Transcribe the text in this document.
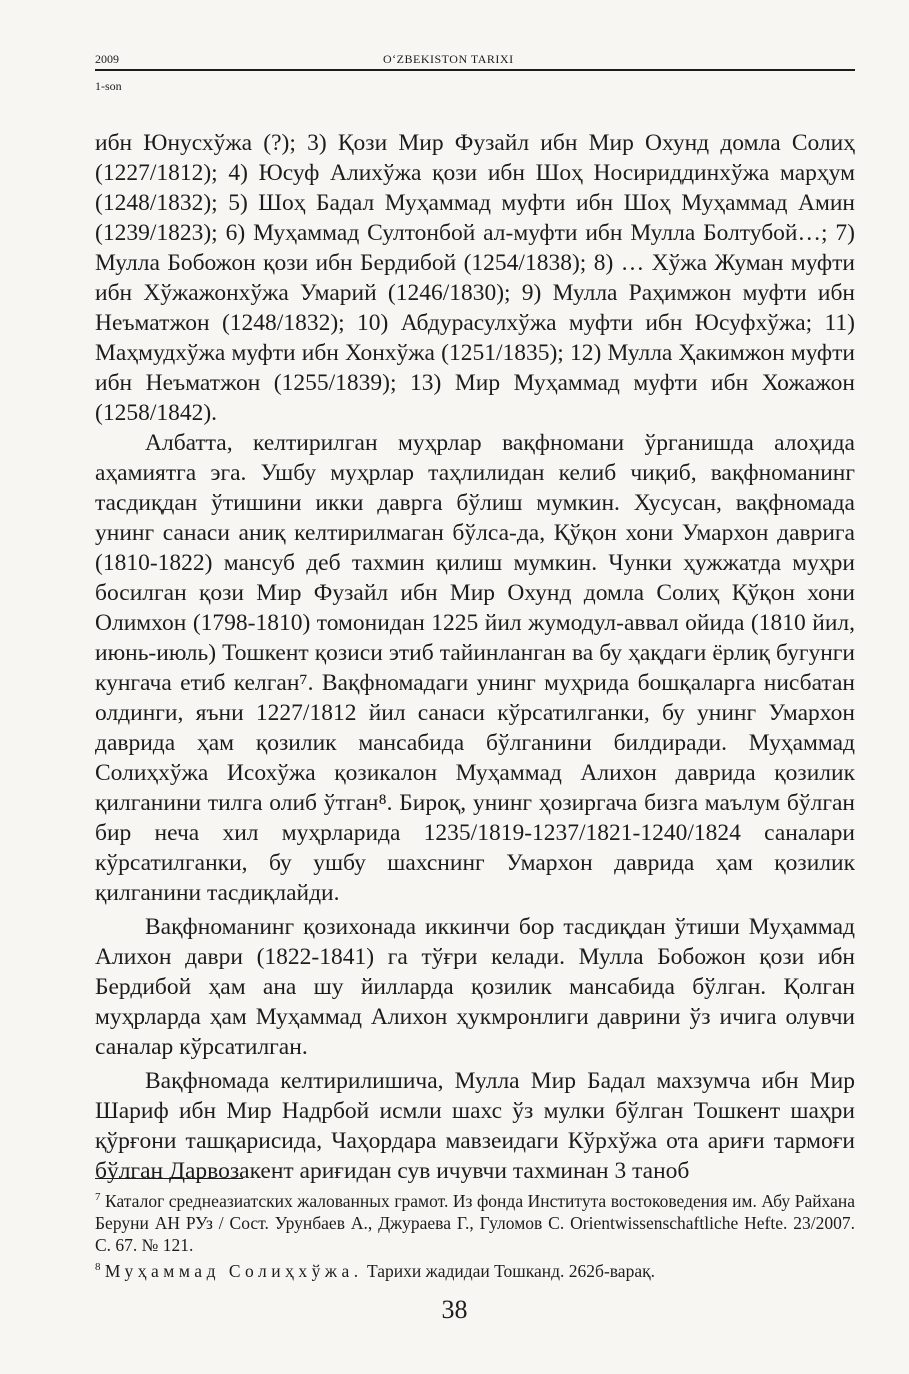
2009	O‘ZBEKISTON TARIXI
1-son

ибн Юнусхўжа (?); 3) Қози Мир Фузайл ибн Мир Охунд домла Солиҳ (1227/1812); 4) Юсуф Алихўжа қози ибн Шоҳ Носириддинхўжа марҳум (1248/1832); 5) Шоҳ Бадал Муҳаммад муфти ибн Шоҳ Муҳаммад Амин (1239/1823); 6) Муҳаммад Султонбой ал-муфти ибн Мулла Болтубой…; 7) Мулла Бобожон қози ибн Бердибой (1254/1838); 8) … Хўжа Жуман муфти ибн Хўжажонхўжа Умарий (1246/1830); 9) Мулла Раҳимжон муфти ибн Неъматжон (1248/1832); 10) Абдурасулхўжа муфти ибн Юсуфхўжа; 11) Маҳмудхўжа муфти ибн Хонхўжа (1251/1835); 12) Мулла Ҳакимжон муфти ибн Неъматжон (1255/1839); 13) Мир Муҳаммад муфти ибн Хожажон (1258/1842).

Албатта, келтирилган муҳрлар вақфномани ўрганишда алоҳида аҳамиятга эга. Ушбу муҳрлар таҳлилидан келиб чиқиб, вақфноманинг тасдиқдан ўтишини икки даврга бўлиш мумкин. Хусусан, вақфномада унинг санаси аниқ келтирилмаган бўлса-да, Қўқон хони Умархон даврига (1810-1822) мансуб деб тахмин қилиш мумкин. Чунки ҳужжатда муҳри босилган қози Мир Фузайл ибн Мир Охунд домла Солиҳ Қўқон хони Олимхон (1798-1810) томонидан 1225 йил жумодул-аввал ойида (1810 йил, июнь-июль) Тошкент қозиси этиб тайинланган ва бу ҳақдаги ёрлиқ бугунги кунгача етиб келган⁷. Вақфномадаги унинг муҳрида бошқаларга нисбатан олдинги, яъни 1227/1812 йил санаси кўрсатилганки, бу унинг Умархон даврида ҳам қозилик мансабида бўлганини билдиради. Муҳаммад Солиҳхўжа Исохўжа қозикалон Муҳаммад Алихон даврида қозилик қилганини тилга олиб ўтган⁸. Бироқ, унинг ҳозиргача бизга маълум бўлган бир неча хил муҳрларида 1235/1819-1237/1821-1240/1824 саналари кўрсатилганки, бу ушбу шахснинг Умархон даврида ҳам қозилик қилганини тасдиқлайди.

Вақфноманинг қозихонада иккинчи бор тасдиқдан ўтиши Муҳаммад Алихон даври (1822-1841) га тўғри келади. Мулла Бобожон қози ибн Бердибой ҳам ана шу йилларда қозилик мансабида бўлган. Қолган муҳрларда ҳам Муҳаммад Алихон ҳукмронлиги даврини ўз ичига олувчи саналар кўрсатилган.

Вақфномада келтирилишича, Мулла Мир Бадал махзумча ибн Мир Шариф ибн Мир Надрбой исмли шахс ўз мулки бўлган Тошкент шаҳри қўрғони ташқарисида, Чаҳордара мавзеидаги Кўрхўжа ота ариғи тармоғи бўлган Дарвозакент ариғидан сув ичувчи тахминан 3 таноб

$^7$ Каталог среднеазиатских жалованных грамот. Из фонда Института востоковедения им. Абу Райхана Беруни АН РУз / Сост. Урунбаев А., Джураева Г., Гуломов С. Orientwissenschaftliche Hefte. 23/2007. С. 67. № 121.

$^8$ Муҳаммад Солиҳхўжа. Тарихи жадидаи Тошканд. 262б-варақ.

38
